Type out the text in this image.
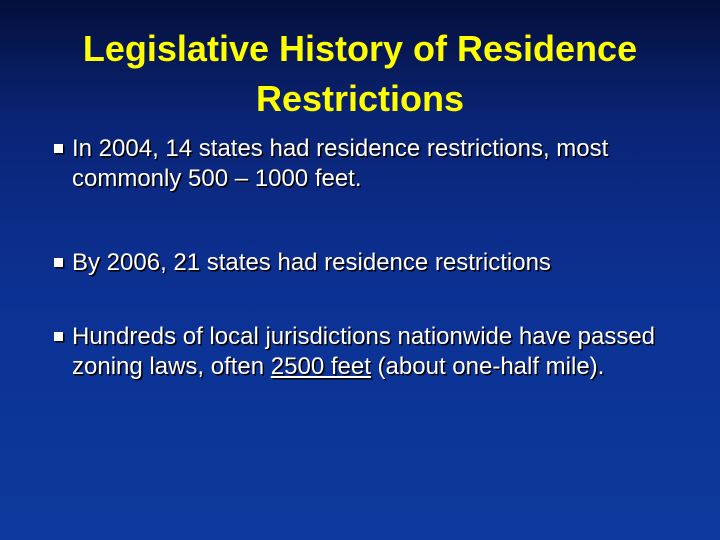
Legislative History of Residence Restrictions
In 2004, 14 states had residence restrictions, most commonly 500 – 1000 feet.
By 2006, 21 states had residence restrictions
Hundreds of local jurisdictions nationwide have passed zoning laws, often 2500 feet (about one-half mile).
